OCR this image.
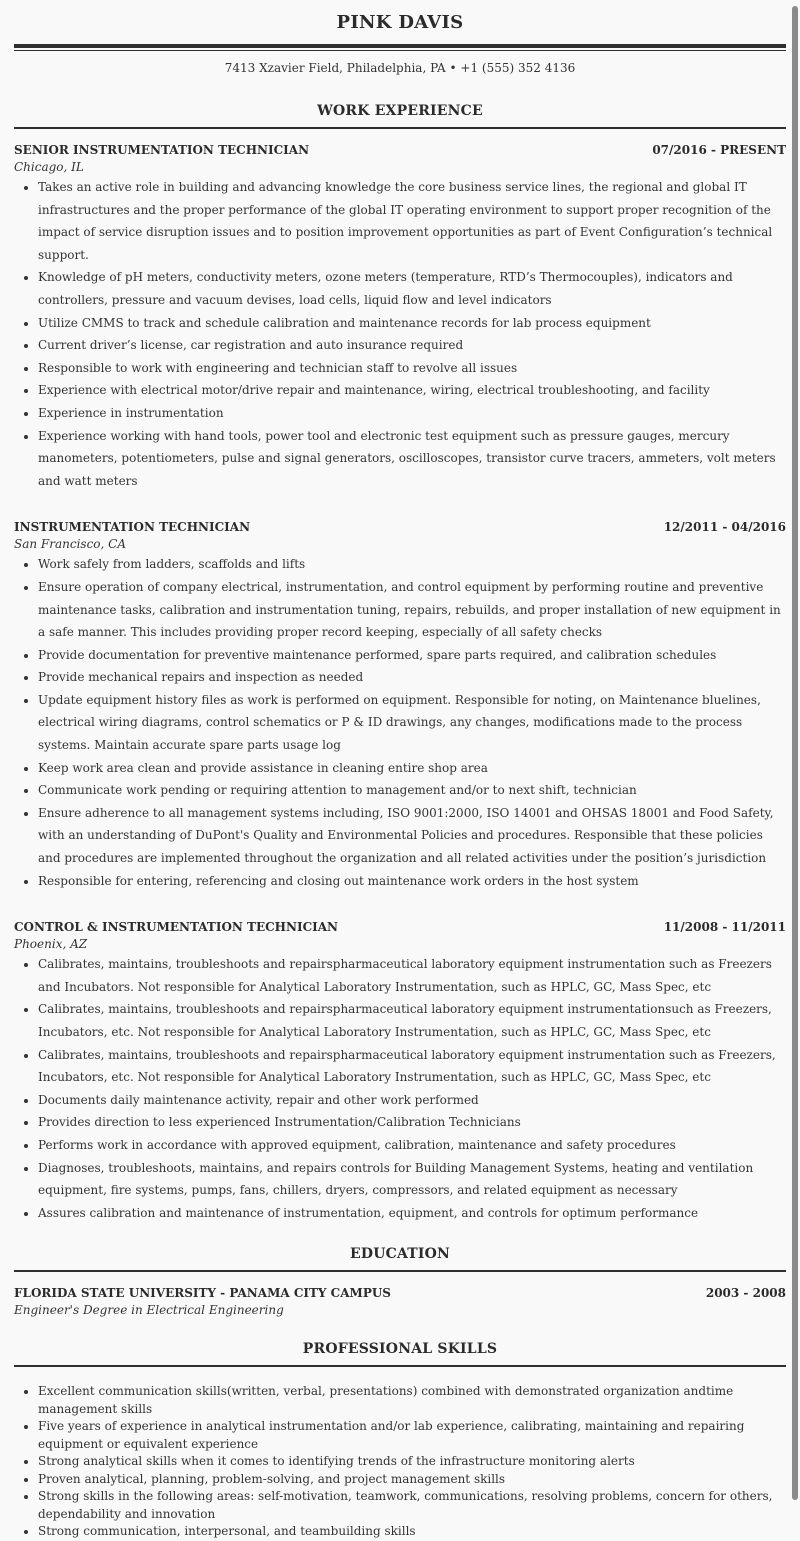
PINK DAVIS
7413 Xzavier Field, Philadelphia, PA • +1 (555) 352 4136
WORK EXPERIENCE
SENIOR INSTRUMENTATION TECHNICIAN	07/2016 - PRESENT
Chicago, IL
• Takes an active role in building and advancing knowledge the core business service lines, the regional and global IT infrastructures and the proper performance of the global IT operating environment to support proper recognition of the impact of service disruption issues and to position improvement opportunities as part of Event Configuration’s technical support.
• Knowledge of pH meters, conductivity meters, ozone meters (temperature, RTD’s Thermocouples), indicators and controllers, pressure and vacuum devises, load cells, liquid flow and level indicators
• Utilize CMMS to track and schedule calibration and maintenance records for lab process equipment
• Current driver’s license, car registration and auto insurance required
• Responsible to work with engineering and technician staff to revolve all issues
• Experience with electrical motor/drive repair and maintenance, wiring, electrical troubleshooting, and facility
• Experience in instrumentation
• Experience working with hand tools, power tool and electronic test equipment such as pressure gauges, mercury manometers, potentiometers, pulse and signal generators, oscilloscopes, transistor curve tracers, ammeters, volt meters and watt meters
INSTRUMENTATION TECHNICIAN	12/2011 - 04/2016
San Francisco, CA
• Work safely from ladders, scaffolds and lifts
• Ensure operation of company electrical, instrumentation, and control equipment by performing routine and preventive maintenance tasks, calibration and instrumentation tuning, repairs, rebuilds, and proper installation of new equipment in a safe manner. This includes providing proper record keeping, especially of all safety checks
• Provide documentation for preventive maintenance performed, spare parts required, and calibration schedules
• Provide mechanical repairs and inspection as needed
• Update equipment history files as work is performed on equipment. Responsible for noting, on Maintenance bluelines, electrical wiring diagrams, control schematics or P & ID drawings, any changes, modifications made to the process systems. Maintain accurate spare parts usage log
• Keep work area clean and provide assistance in cleaning entire shop area
• Communicate work pending or requiring attention to management and/or to next shift, technician
• Ensure adherence to all management systems including, ISO 9001:2000, ISO 14001 and OHSAS 18001 and Food Safety, with an understanding of DuPont's Quality and Environmental Policies and procedures. Responsible that these policies and procedures are implemented throughout the organization and all related activities under the position’s jurisdiction
• Responsible for entering, referencing and closing out maintenance work orders in the host system
CONTROL & INSTRUMENTATION TECHNICIAN	11/2008 - 11/2011
Phoenix, AZ
• Calibrates, maintains, troubleshoots and repairspharmaceutical laboratory equipment instrumentation such as Freezers and Incubators. Not responsible for Analytical Laboratory Instrumentation, such as HPLC, GC, Mass Spec, etc
• Calibrates, maintains, troubleshoots and repairspharmaceutical laboratory equipment instrumentationsuch as Freezers, Incubators, etc. Not responsible for Analytical Laboratory Instrumentation, such as HPLC, GC, Mass Spec, etc
• Calibrates, maintains, troubleshoots and repairspharmaceutical laboratory equipment instrumentation such as Freezers, Incubators, etc. Not responsible for Analytical Laboratory Instrumentation, such as HPLC, GC, Mass Spec, etc
• Documents daily maintenance activity, repair and other work performed
• Provides direction to less experienced Instrumentation/Calibration Technicians
• Performs work in accordance with approved equipment, calibration, maintenance and safety procedures
• Diagnoses, troubleshoots, maintains, and repairs controls for Building Management Systems, heating and ventilation equipment, fire systems, pumps, fans, chillers, dryers, compressors, and related equipment as necessary
• Assures calibration and maintenance of instrumentation, equipment, and controls for optimum performance
EDUCATION
FLORIDA STATE UNIVERSITY - PANAMA CITY CAMPUS	2003 - 2008
Engineer's Degree in Electrical Engineering
PROFESSIONAL SKILLS
• Excellent communication skills(written, verbal, presentations) combined with demonstrated organization andtime management skills
• Five years of experience in analytical instrumentation and/or lab experience, calibrating, maintaining and repairing equipment or equivalent experience
• Strong analytical skills when it comes to identifying trends of the infrastructure monitoring alerts
• Proven analytical, planning, problem-solving, and project management skills
• Strong skills in the following areas: self-motivation, teamwork, communications, resolving problems, concern for others, dependability and innovation
• Strong communication, interpersonal, and teambuilding skills
